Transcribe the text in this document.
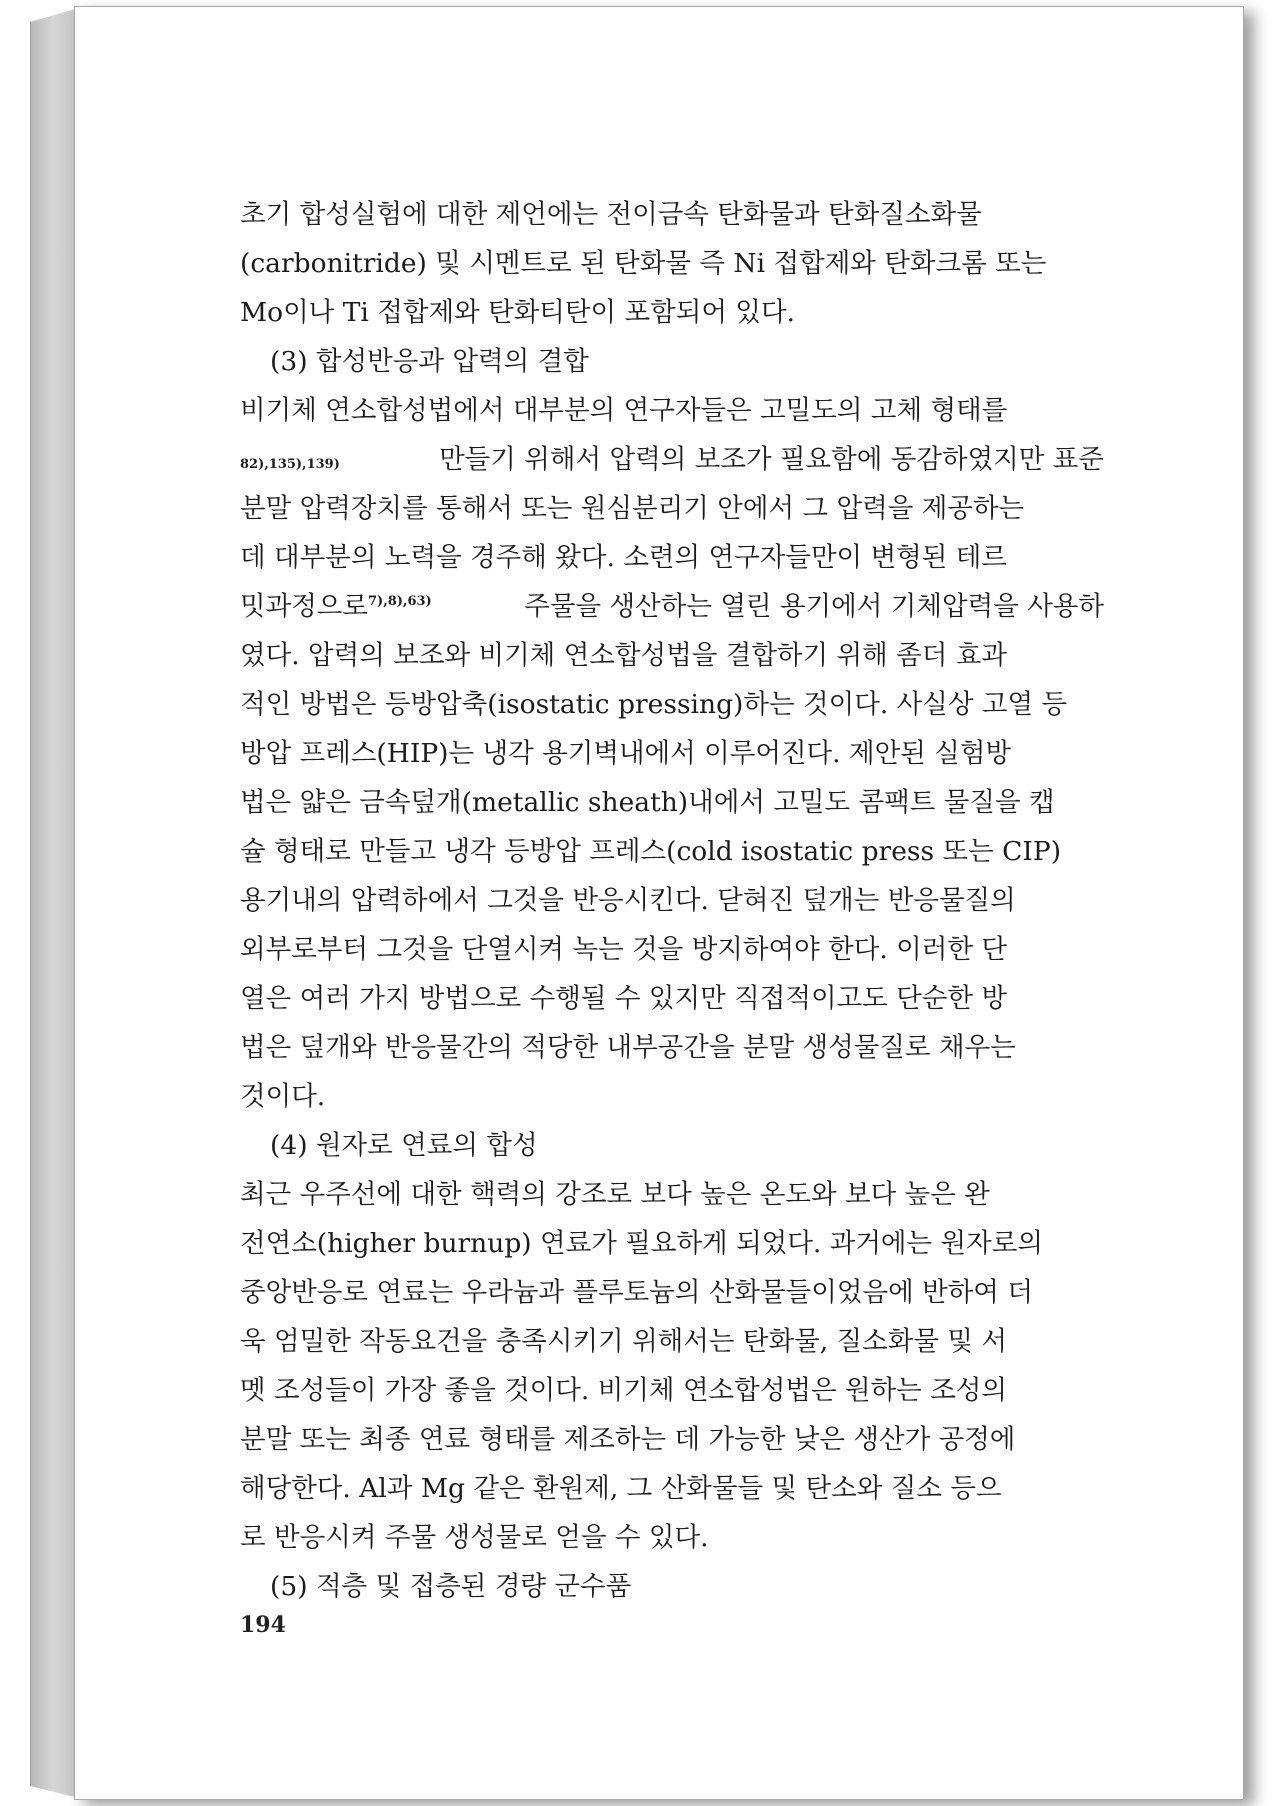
초기 합성실험에 대한 제언에는 전이금속 탄화물과 탄화질소화물
(carbonitride) 및 시멘트로 된 탄화물 즉 Ni 접합제와 탄화크롬 또는
Mo이나 Ti 접합제와 탄화티탄이 포함되어 있다.
(3) 합성반응과 압력의 결합
비기체 연소합성법에서 대부분의 연구자들은 고밀도의 고체 형태를
82),135),139)	만들기 위해서 압력의 보조가 필요함에 동감하였지만 표준
분말 압력장치를 통해서 또는 원심분리기 안에서 그 압력을 제공하는
데 대부분의 노력을 경주해 왔다. 소련의 연구자들만이 변형된 테르
밋과정으로$^{7),8),63)}$	주물을 생산하는 열린 용기에서 기체압력을 사용하
였다. 압력의 보조와 비기체 연소합성법을 결합하기 위해 좀더 효과
적인 방법은 등방압축(isostatic pressing)하는 것이다. 사실상 고열 등
방압 프레스(HIP)는 냉각 용기벽내에서 이루어진다. 제안된 실험방
법은 얇은 금속덮개(metallic sheath)내에서 고밀도 콤팩트 물질을 캡
슐 형태로 만들고 냉각 등방압 프레스(cold isostatic press 또는 CIP)
용기내의 압력하에서 그것을 반응시킨다. 닫혀진 덮개는 반응물질의
외부로부터 그것을 단열시켜 녹는 것을 방지하여야 한다. 이러한 단
열은 여러 가지 방법으로 수행될 수 있지만 직접적이고도 단순한 방
법은 덮개와 반응물간의 적당한 내부공간을 분말 생성물질로 채우는
것이다.
(4) 원자로 연료의 합성
최근 우주선에 대한 핵력의 강조로 보다 높은 온도와 보다 높은 완
전연소(higher burnup) 연료가 필요하게 되었다. 과거에는 원자로의
중앙반응로 연료는 우라늄과 플루토늄의 산화물들이었음에 반하여 더
욱 엄밀한 작동요건을 충족시키기 위해서는 탄화물, 질소화물 및 서
멧 조성들이 가장 좋을 것이다. 비기체 연소합성법은 원하는 조성의
분말 또는 최종 연료 형태를 제조하는 데 가능한 낮은 생산가 공정에
해당한다. Al과 Mg 같은 환원제, 그 산화물들 및 탄소와 질소 등으
로 반응시켜 주물 생성물로 얻을 수 있다.
(5) 적층 및 접층된 경량 군수품
194
